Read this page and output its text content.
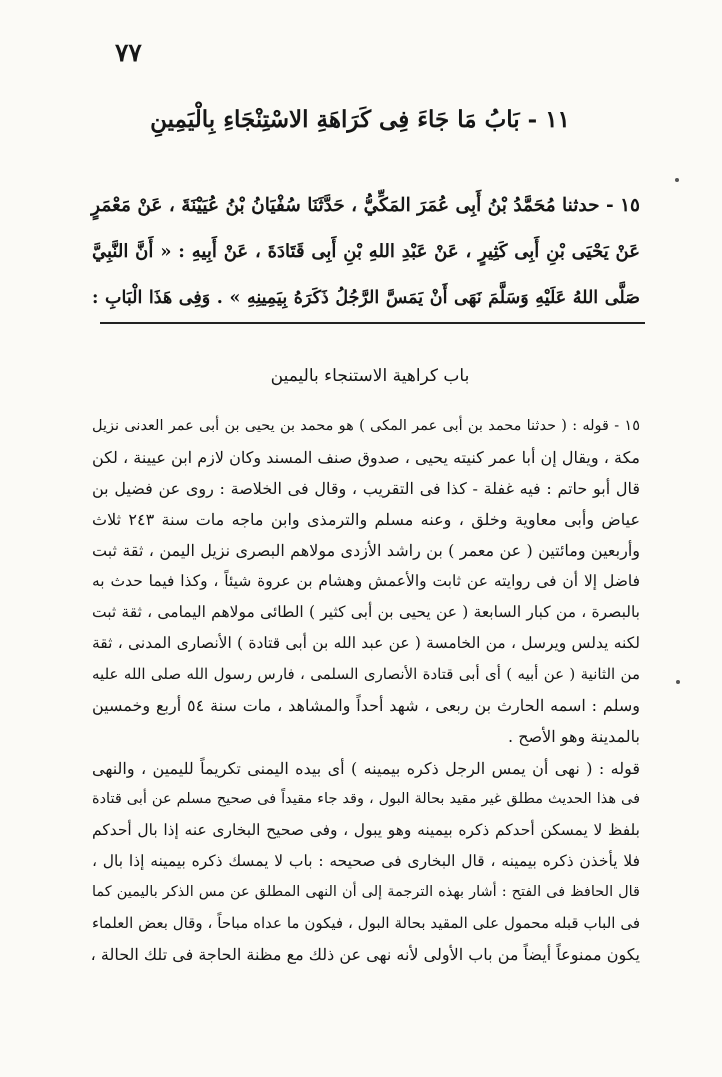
٧٧
١١ - بَابُ مَا جَاءَ فِى كَرَاهَةِ الاسْتِنْجَاءِ بِالْيَمِينِ
١٥ - حدثنا مُحَمَّدُ بْنُ أَبِى عُمَرَ المَكِّيُّ ، حَدَّثَنَا سُفْيَانُ بْنُ عُيَيْنَةَ ، عَنْ مَعْمَرٍ
عَنْ يَحْيَى بْنِ أَبِى كَثِيرٍ ، عَنْ عَبْدِ اللهِ بْنِ أَبِى قَتَادَةَ ، عَنْ أَبِيهِ : « أَنَّ النَّبِيَّ
صَلَّى اللهُ عَلَيْهِ وَسَلَّمَ نَهَى أَنْ يَمَسَّ الرَّجُلُ ذَكَرَهُ بِيَمِينِهِ » . وَفِى هَذَا الْبَابِ :
باب كراهية الاستنجاء باليمين
١٥ - قوله : ( حدثنا محمد بن أبى عمر المكى ) هو محمد بن يحيى بن أبى عمر العدنى نزيل
مكة ، ويقال إن أبا عمر كنيته يحيى ، صدوق صنف المسند وكان لازم ابن عيينة ، لكن
قال أبو حاتم : فيه غفلة - كذا فى التقريب ، وقال فى الخلاصة : روى عن فضيل بن
عياض وأبى معاوية وخلق ، وعنه مسلم والترمذى وابن ماجه مات سنة ٢٤٣ ثلاث
وأربعين ومائتين ( عن معمر ) بن راشد الأزدى مولاهم البصرى نزيل اليمن ، ثقة ثبت
فاضل إلا أن فى روايته عن ثابت والأعمش وهشام بن عروة شيئاً ، وكذا فيما حدث به
بالبصرة ، من كبار السابعة ( عن يحيى بن أبى كثير ) الطائى مولاهم اليمامى ، ثقة ثبت
لكنه يدلس ويرسل ، من الخامسة ( عن عبد الله بن أبى قتادة ) الأنصارى المدنى ، ثقة
من الثانية ( عن أبيه ) أى أبى قتادة الأنصارى السلمى ، فارس رسول الله صلى الله عليه
وسلم : اسمه الحارث بن ربعى ، شهد أحداً والمشاهد ، مات سنة ٥٤ أربع وخمسين
بالمدينة وهو الأصح .
قوله : ( نهى أن يمس الرجل ذكره بيمينه ) أى بيده اليمنى تكريماً لليمين ، والنهى
فى هذا الحديث مطلق غير مقيد بحالة البول ، وقد جاء مقيداً فى صحيح مسلم عن أبى قتادة
بلفظ لا يمسكن أحدكم ذكره بيمينه وهو يبول ، وفى صحيح البخارى عنه إذا بال أحدكم
فلا يأخذن ذكره بيمينه ، قال البخارى فى صحيحه : باب لا يمسك ذكره بيمينه إذا بال ،
قال الحافظ فى الفتح : أشار بهذه الترجمة إلى أن النهى المطلق عن مس الذكر باليمين كما
فى الباب قبله محمول على المقيد بحالة البول ، فيكون ما عداه مباحاً ، وقال بعض العلماء
يكون ممنوعاً أيضاً من باب الأولى لأنه نهى عن ذلك مع مظنة الحاجة فى تلك الحالة ،
